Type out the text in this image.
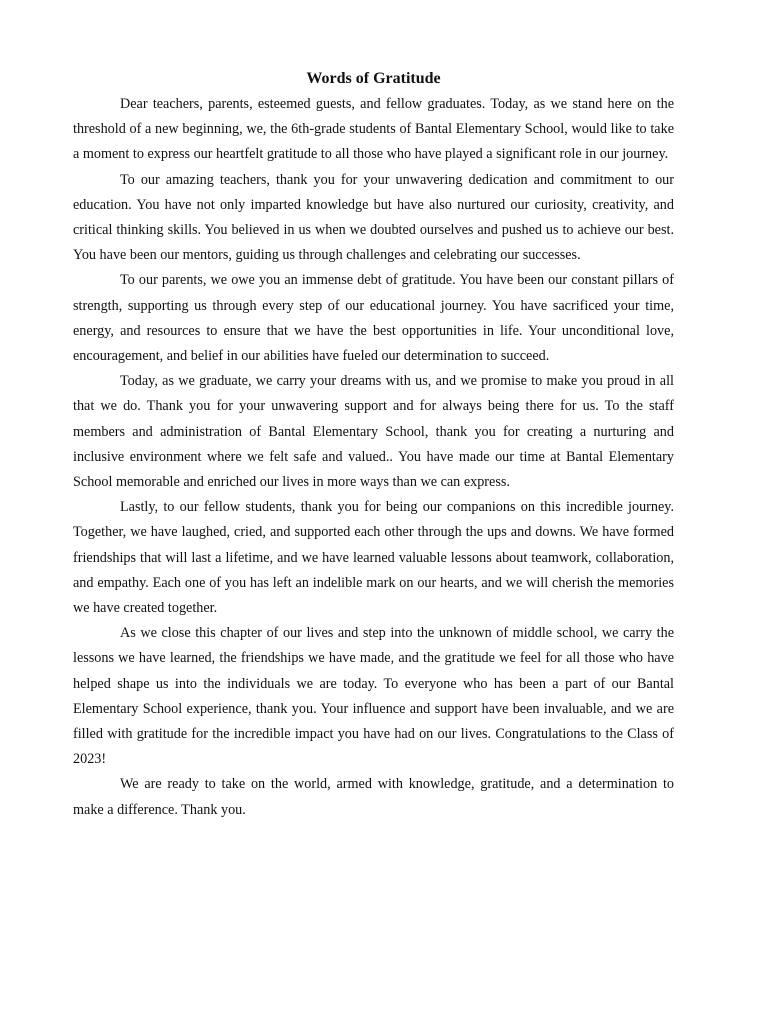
Words of Gratitude

Dear teachers, parents, esteemed guests, and fellow graduates. Today, as we stand here on the threshold of a new beginning, we, the 6th-grade students of Bantal Elementary School, would like to take a moment to express our heartfelt gratitude to all those who have played a significant role in our journey.

To our amazing teachers, thank you for your unwavering dedication and commitment to our education. You have not only imparted knowledge but have also nurtured our curiosity, creativity, and critical thinking skills. You believed in us when we doubted ourselves and pushed us to achieve our best. You have been our mentors, guiding us through challenges and celebrating our successes.

To our parents, we owe you an immense debt of gratitude. You have been our constant pillars of strength, supporting us through every step of our educational journey. You have sacrificed your time, energy, and resources to ensure that we have the best opportunities in life. Your unconditional love, encouragement, and belief in our abilities have fueled our determination to succeed.

Today, as we graduate, we carry your dreams with us, and we promise to make you proud in all that we do. Thank you for your unwavering support and for always being there for us. To the staff members and administration of Bantal Elementary School, thank you for creating a nurturing and inclusive environment where we felt safe and valued.. You have made our time at Bantal Elementary School memorable and enriched our lives in more ways than we can express.

Lastly, to our fellow students, thank you for being our companions on this incredible journey. Together, we have laughed, cried, and supported each other through the ups and downs. We have formed friendships that will last a lifetime, and we have learned valuable lessons about teamwork, collaboration, and empathy. Each one of you has left an indelible mark on our hearts, and we will cherish the memories we have created together.

As we close this chapter of our lives and step into the unknown of middle school, we carry the lessons we have learned, the friendships we have made, and the gratitude we feel for all those who have helped shape us into the individuals we are today. To everyone who has been a part of our Bantal Elementary School experience, thank you. Your influence and support have been invaluable, and we are filled with gratitude for the incredible impact you have had on our lives. Congratulations to the Class of 2023!

We are ready to take on the world, armed with knowledge, gratitude, and a determination to make a difference. Thank you.
